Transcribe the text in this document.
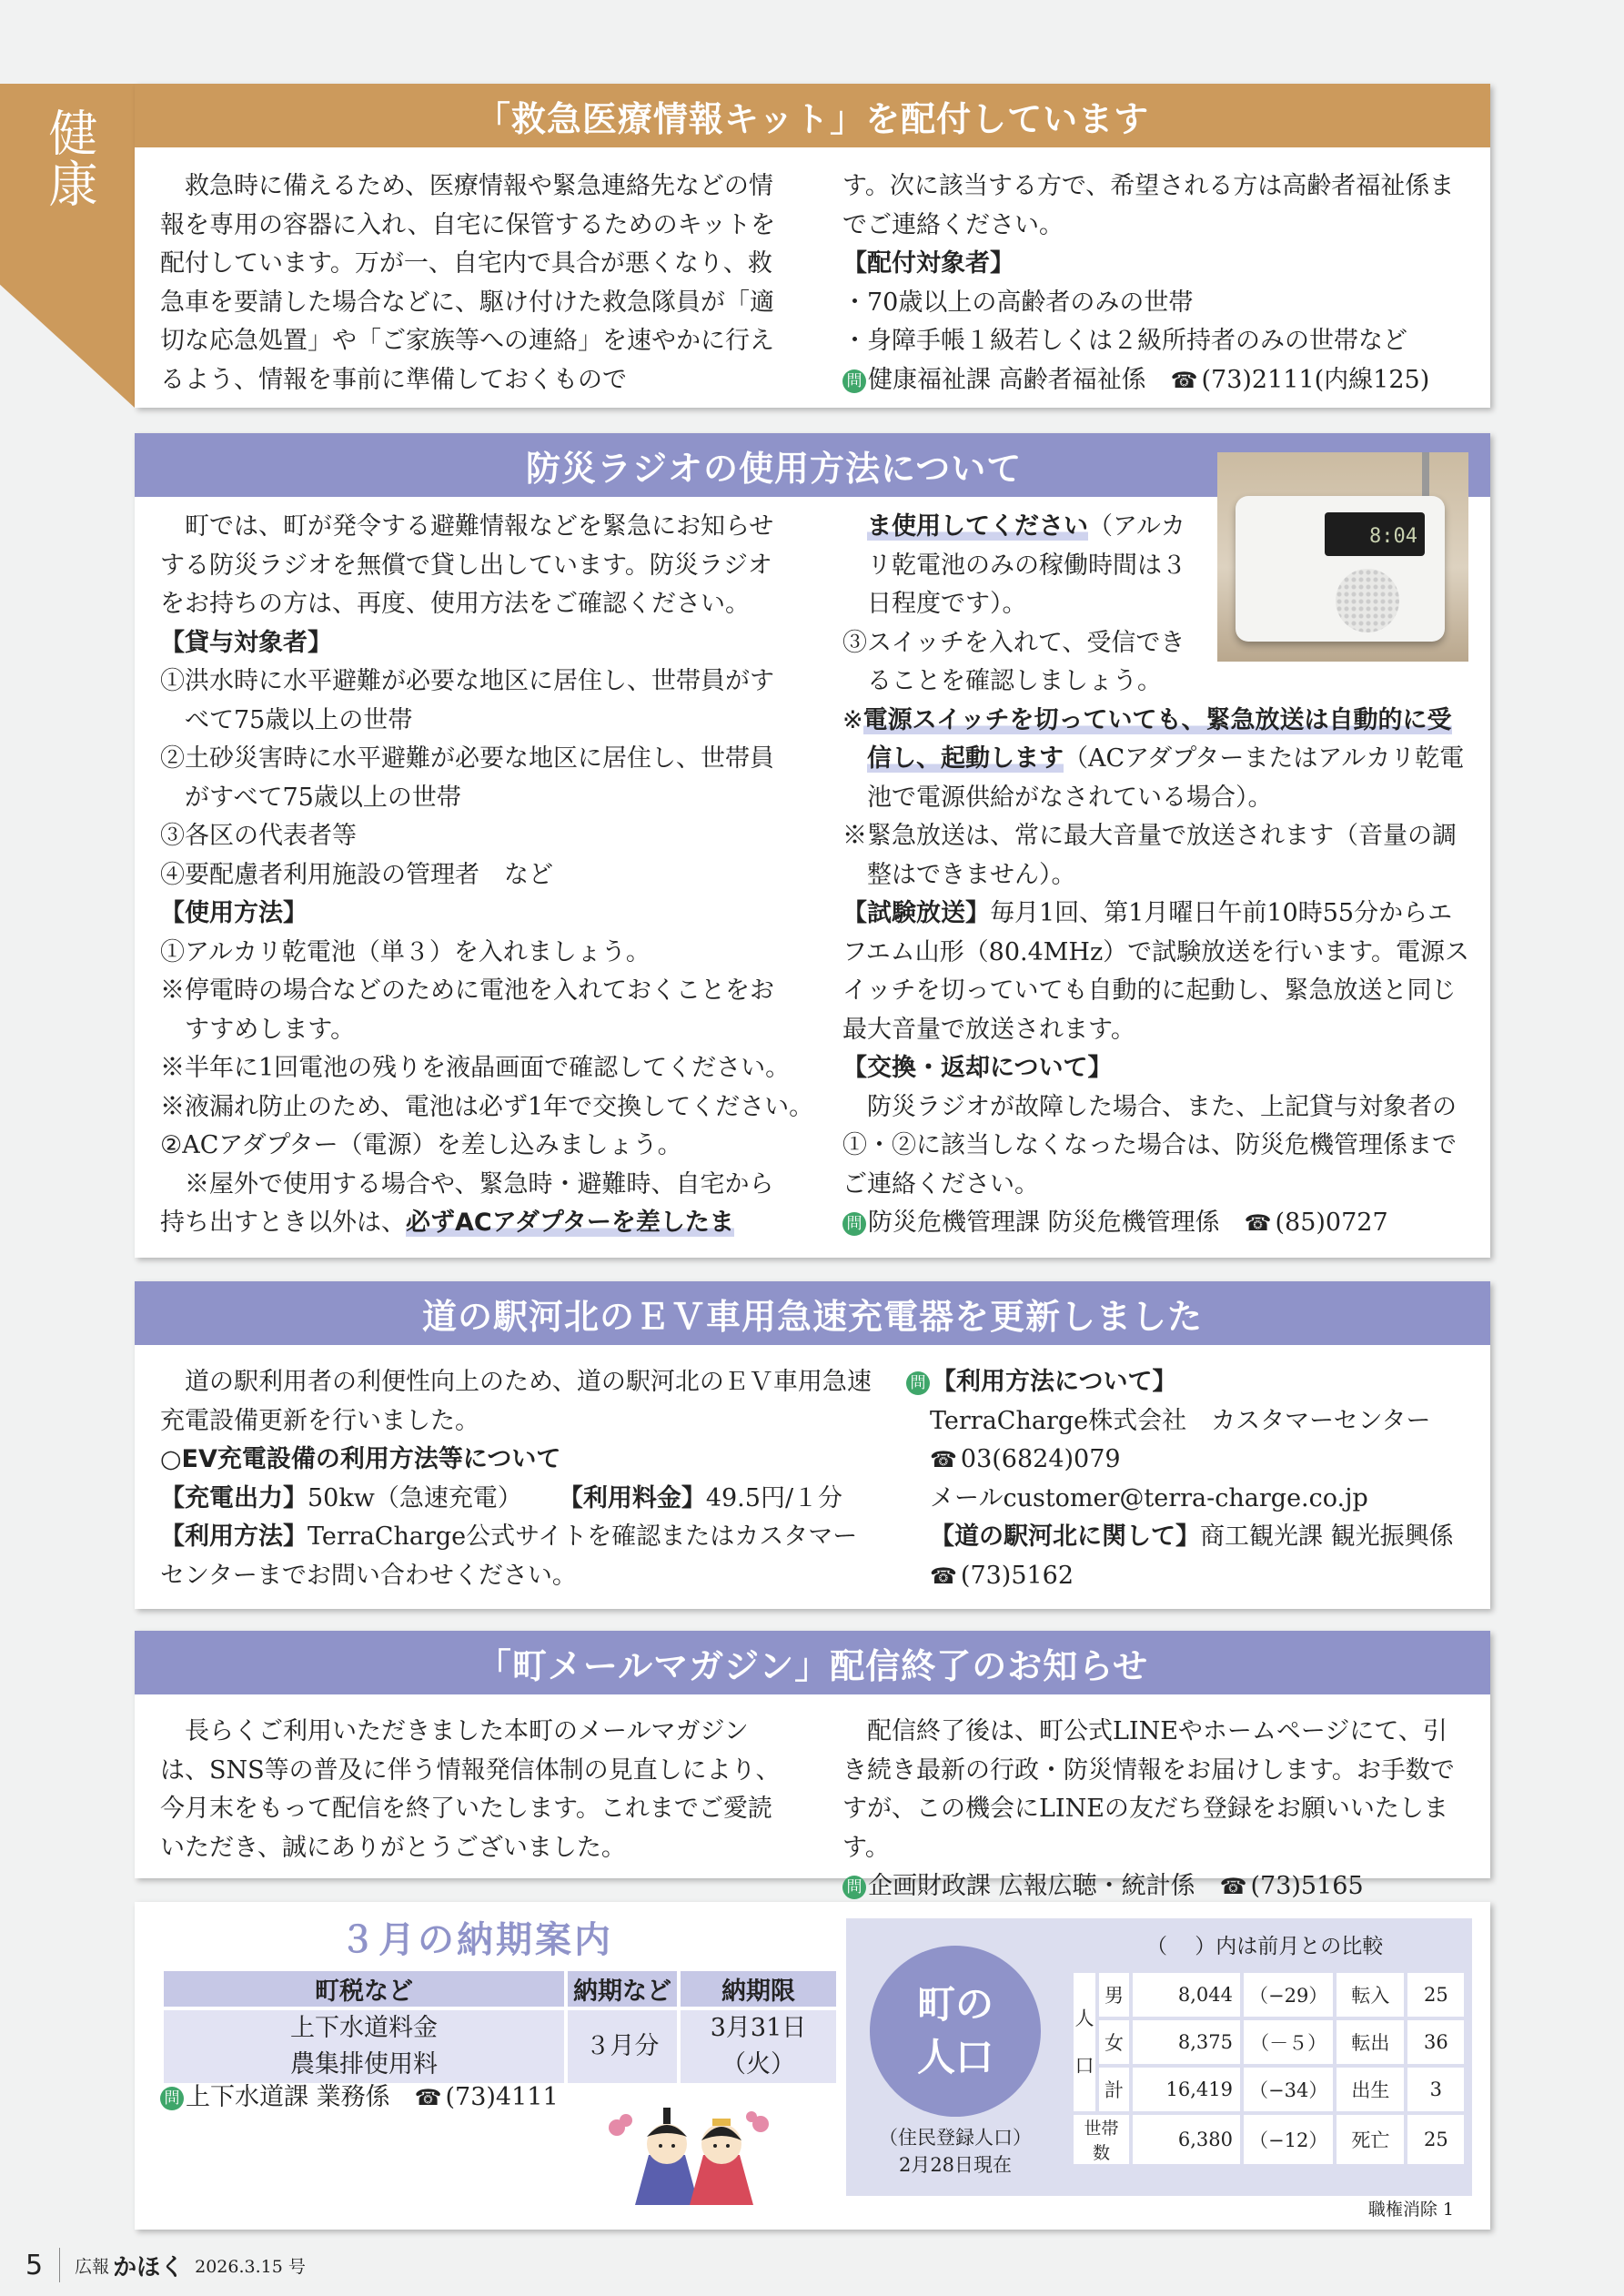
健康	「救急医療情報キット」を配付しています
救急時に備えるため、医療情報や緊急連絡先などの情報を専用の容器に入れ、自宅に保管するためのキットを配付しています。万が一、自宅内で具合が悪くなり、救急車を要請した場合などに、駆け付けた救急隊員が「適切な応急処置」や「ご家族等への連絡」を速やかに行えるよう、情報を事前に準備しておくもので
す。次に該当する方で、希望される方は高齢者福祉係までご連絡ください。
【配付対象者】
・70歳以上の高齢者のみの世帯
・身障手帳１級若しくは２級所持者のみの世帯など
問 健康福祉課 高齢者福祉係　☎ (73)2111(内線125)
防災ラジオの使用方法について
町では、町が発令する避難情報などを緊急にお知らせする防災ラジオを無償で貸し出しています。防災ラジオをお持ちの方は、再度、使用方法をご確認ください。
【貸与対象者】
①洪水時に水平避難が必要な地区に居住し、世帯員がすべて75歳以上の世帯
②土砂災害時に水平避難が必要な地区に居住し、世帯員がすべて75歳以上の世帯
③各区の代表者等
④要配慮者利用施設の管理者　など
【使用方法】
①アルカリ乾電池（単３）を入れましょう。
※停電時の場合などのために電池を入れておくことをおすすめします。
※半年に1回電池の残りを液晶画面で確認してください。
※液漏れ防止のため、電池は必ず1年で交換してください。
②ACアダプター（電源）を差し込みましょう。
※屋外で使用する場合や、緊急時・避難時、自宅から持ち出すとき以外は、必ずACアダプターを差したま
ま使用してください（アルカリ乾電池のみの稼働時間は３日程度です）。
③スイッチを入れて、受信できることを確認しましょう。
※電源スイッチを切っていても、緊急放送は自動的に受信し、起動します（ACアダプターまたはアルカリ乾電池で電源供給がなされている場合）。
※緊急放送は、常に最大音量で放送されます（音量の調整はできません）。
【試験放送】毎月1回、第1月曜日午前10時55分からエフエム山形（80.4MHz）で試験放送を行います。電源スイッチを切っていても自動的に起動し、緊急放送と同じ最大音量で放送されます。
【交換・返却について】
防災ラジオが故障した場合、また、上記貸与対象者の①・②に該当しなくなった場合は、防災危機管理係までご連絡ください。
問 防災危機管理課 防災危機管理係　☎ (85)0727
8:04
道の駅河北のＥＶ車用急速充電器を更新しました
道の駅利用者の利便性向上のため、道の駅河北のＥＶ車用急速充電設備更新を行いました。
○EV充電設備の利用方法等について
【充電出力】50kw（急速充電）　【利用料金】49.5円/１分
【利用方法】TerraCharge公式サイトを確認またはカスタマーセンターまでお問い合わせください。
問 【利用方法について】
TerraCharge株式会社　カスタマーセンター
☎ 03(6824)079
メールcustomer@terra-charge.co.jp
【道の駅河北に関して】商工観光課 観光振興係
☎ (73)5162
「町メールマガジン」配信終了のお知らせ
長らくご利用いただきました本町のメールマガジンは、SNS等の普及に伴う情報発信体制の見直しにより、今月末をもって配信を終了いたします。これまでご愛読いただき、誠にありがとうございました。
配信終了後は、町公式LINEやホームページにて、引き続き最新の行政・防災情報をお届けします。お手数ですが、この機会にLINEの友だち登録をお願いいたします。
問 企画財政課 広報広聴・統計係　☎ (73)5165
３月の納期案内
町税など	納期など	納期限

上下水道料金
農集排使用料	３月分	3月31日（火）
問 上下水道課 業務係　☎ (73)4111
町の人口
（住民登録人口）
2月28日現在
（　 ）内は前月との比較
人
口	男	8,044	（−29）	転入	25
	女	8,375	（－５）	転出	36
	計	16,419	（−34）	出生	3
世帯数		6,380	（−12）	死亡	25
職権消除 1
5 広報 かほく 2026.3.15 号
